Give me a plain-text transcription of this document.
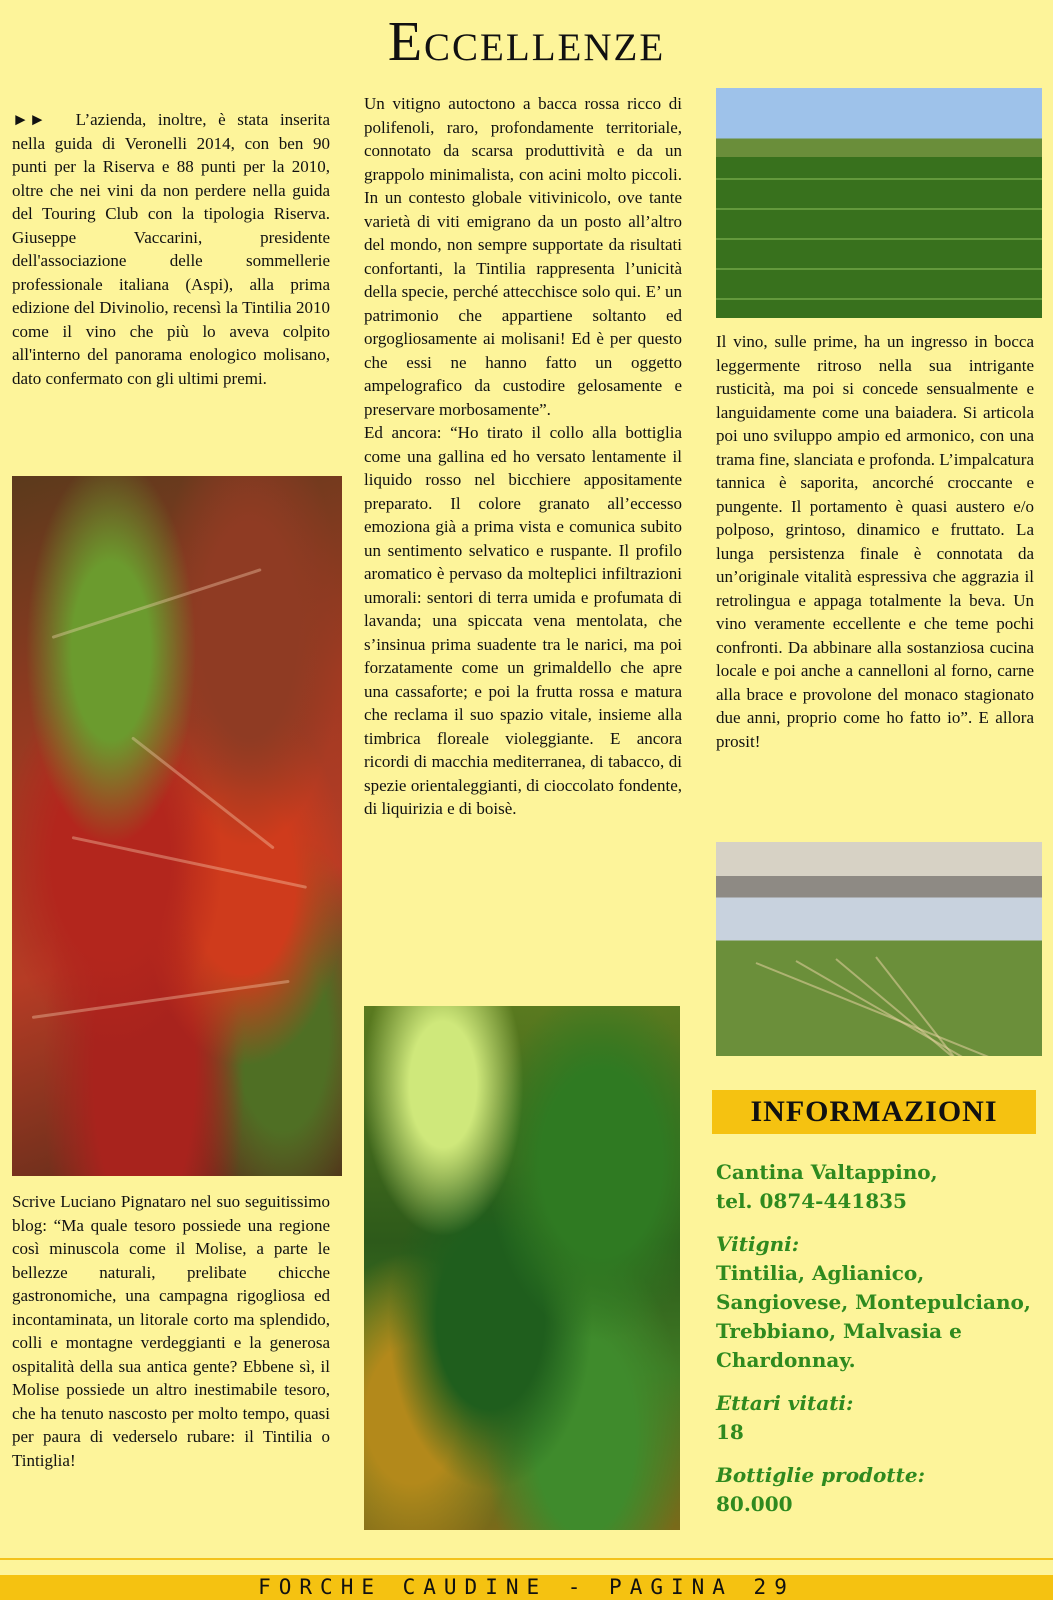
Eccellenze

►► L’azienda, inoltre, è stata inserita nella guida di Veronelli 2014, con ben 90 punti per la Riserva e 88 punti per la 2010, oltre che nei vini da non perdere nella guida del Touring Club con la tipologia Riserva. Giuseppe Vaccarini, presidente dell'associazione delle sommellerie professionale italiana (Aspi), alla prima edizione del Divinolio, recensì la Tintilia 2010 come il vino che più lo aveva colpito all'interno del panorama enologico molisano, dato confermato con gli ultimi premi.

Scrive Luciano Pignataro nel suo seguitissimo blog: “Ma quale tesoro possiede una regione così minuscola come il Molise, a parte le bellezze naturali, prelibate chicche gastronomiche, una campagna rigogliosa ed incontaminata, un litorale corto ma splendido, colli e montagne verdeggianti e la generosa ospitalità della sua antica gente? Ebbene sì, il Molise possiede un altro inestimabile tesoro, che ha tenuto nascosto per molto tempo, quasi per paura di vederselo rubare: il Tintilia o Tintiglia!

Un vitigno autoctono a bacca rossa ricco di polifenoli, raro, profondamente territoriale, connotato da scarsa produttività e da un grappolo minimalista, con acini molto piccoli. In un contesto globale vitivinicolo, ove tante varietà di viti emigrano da un posto all’altro del mondo, non sempre supportate da risultati confortanti, la Tintilia rappresenta l’unicità della specie, perché attecchisce solo qui. E’ un patrimonio che appartiene soltanto ed orgogliosamente ai molisani! Ed è per questo che essi ne hanno fatto un oggetto ampelografico da custodire gelosamente e preservare morbosamente”.

Ed ancora: “Ho tirato il collo alla bottiglia come una gallina ed ho versato lentamente il liquido rosso nel bicchiere appositamente preparato. Il colore granato all’eccesso emoziona già a prima vista e comunica subito un sentimento selvatico e ruspante. Il profilo aromatico è pervaso da molteplici infiltrazioni umorali: sentori di terra umida e profumata di lavanda; una spiccata vena mentolata, che s’insinua prima suadente tra le narici, ma poi forzatamente come un grimaldello che apre una cassaforte; e poi la frutta rossa e matura che reclama il suo spazio vitale, insieme alla timbrica floreale violeggiante. E ancora ricordi di macchia mediterranea, di tabacco, di spezie orientaleggianti, di cioccolato fondente, di liquirizia e di boisè.

Il vino, sulle prime, ha un ingresso in bocca leggermente ritroso nella sua intrigante rusticità, ma poi si concede sensualmente e languidamente come una baiadera. Si articola poi uno sviluppo ampio ed armonico, con una trama fine, slanciata e profonda. L’impalcatura tannica è saporita, ancorché croccante e pungente. Il portamento è quasi austero e/o polposo, grintoso, dinamico e fruttato. La lunga persistenza finale è connotata da un’originale vitalità espressiva che aggrazia il retrolingua e appaga totalmente la beva. Un vino veramente eccellente e che teme pochi confronti. Da abbinare alla sostanziosa cucina locale e poi anche a cannelloni al forno, carne alla brace e provolone del monaco stagionato due anni, proprio come ho fatto io”. E allora prosit!

INFORMAZIONI
Cantina Valtappino,
tel. 0874-441835
Vitigni:
Tintilia, Aglianico, Sangiovese, Montepulciano, Trebbiano, Malvasia e Chardonnay.
Ettari vitati:
18
Bottiglie prodotte:
80.000
FORCHE CAUDINE - PAGINA 29
